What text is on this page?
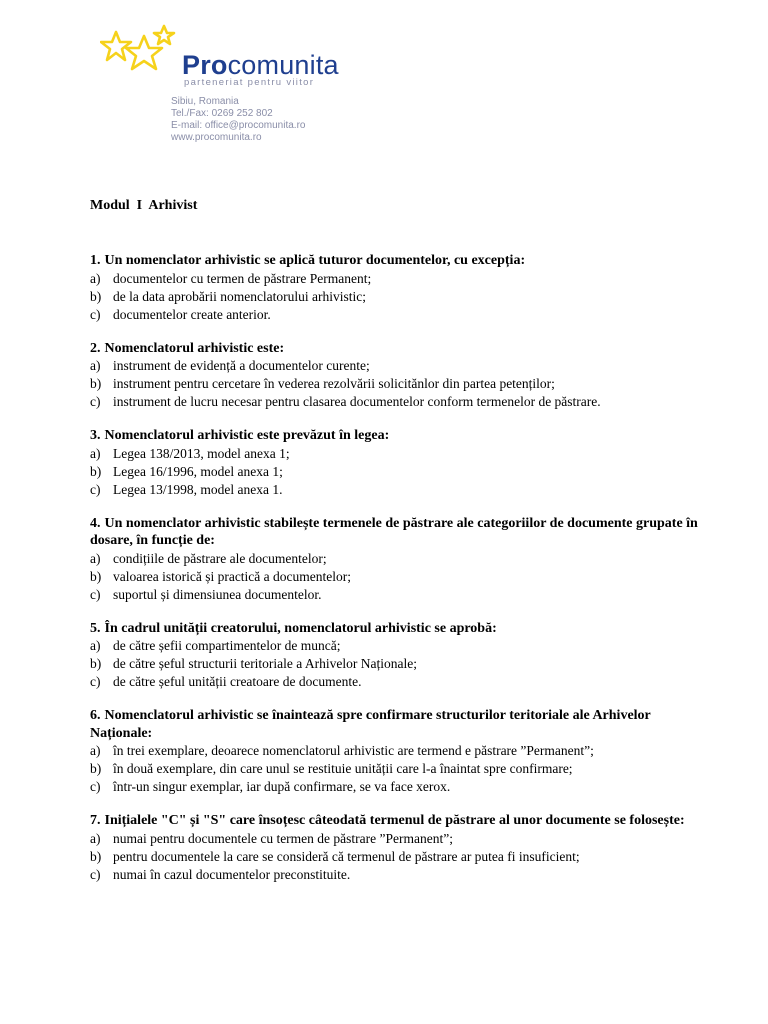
Procomunita
parteneriat pentru viitor
Sibiu, Romania
Tel./Fax: 0269 252 802
E-mail: office@procomunita.ro
www.procomunita.ro
Modul  I  Arhivist
1. Un nomenclator arhivistic se aplică tuturor documentelor, cu excepția:
a) documentelor cu termen de păstrare Permanent;
b) de la data aprobării nomenclatorului arhivistic;
c) documentelor create anterior.
2. Nomenclatorul arhivistic este:
a) instrument de evidență a documentelor curente;
b) instrument pentru cercetare în vederea rezolvării solicitănlor din partea petenților;
c) instrument de lucru necesar pentru clasarea documentelor conform termenelor de păstrare.
3. Nomenclatorul arhivistic este prevăzut în legea:
a) Legea 138/2013, model anexa 1;
b) Legea 16/1996, model anexa 1;
c) Legea 13/1998, model anexa 1.
4. Un nomenclator arhivistic stabilește termenele de păstrare ale categoriilor de documente grupate în dosare, în funcție de:
a) condițiile de păstrare ale documentelor;
b) valoarea istorică și practică a documentelor;
c) suportul și dimensiunea documentelor.
5. În cadrul unității creatorului, nomenclatorul arhivistic se aprobă:
a) de către șefii compartimentelor de muncă;
b) de către șeful structurii teritoriale a Arhivelor Naționale;
c) de către șeful unității creatoare de documente.
6. Nomenclatorul arhivistic se înaintează spre confirmare structurilor teritoriale ale Arhivelor Naționale:
a) în trei exemplare, deoarece nomenclatorul arhivistic are termend e păstrare ”Permanent”;
b) în două exemplare, din care unul se restituie unității care l-a înaintat spre confirmare;
c) într-un singur exemplar, iar după confirmare, se va face xerox.
7. Inițialele "C" și "S" care însoțesc câteodată termenul de păstrare al unor documente se folosește:
a) numai pentru documentele cu termen de păstrare ”Permanent”;
b) pentru documentele la care se consideră că termenul de păstrare ar putea fi insuficient;
c) numai în cazul documentelor preconstituite.
